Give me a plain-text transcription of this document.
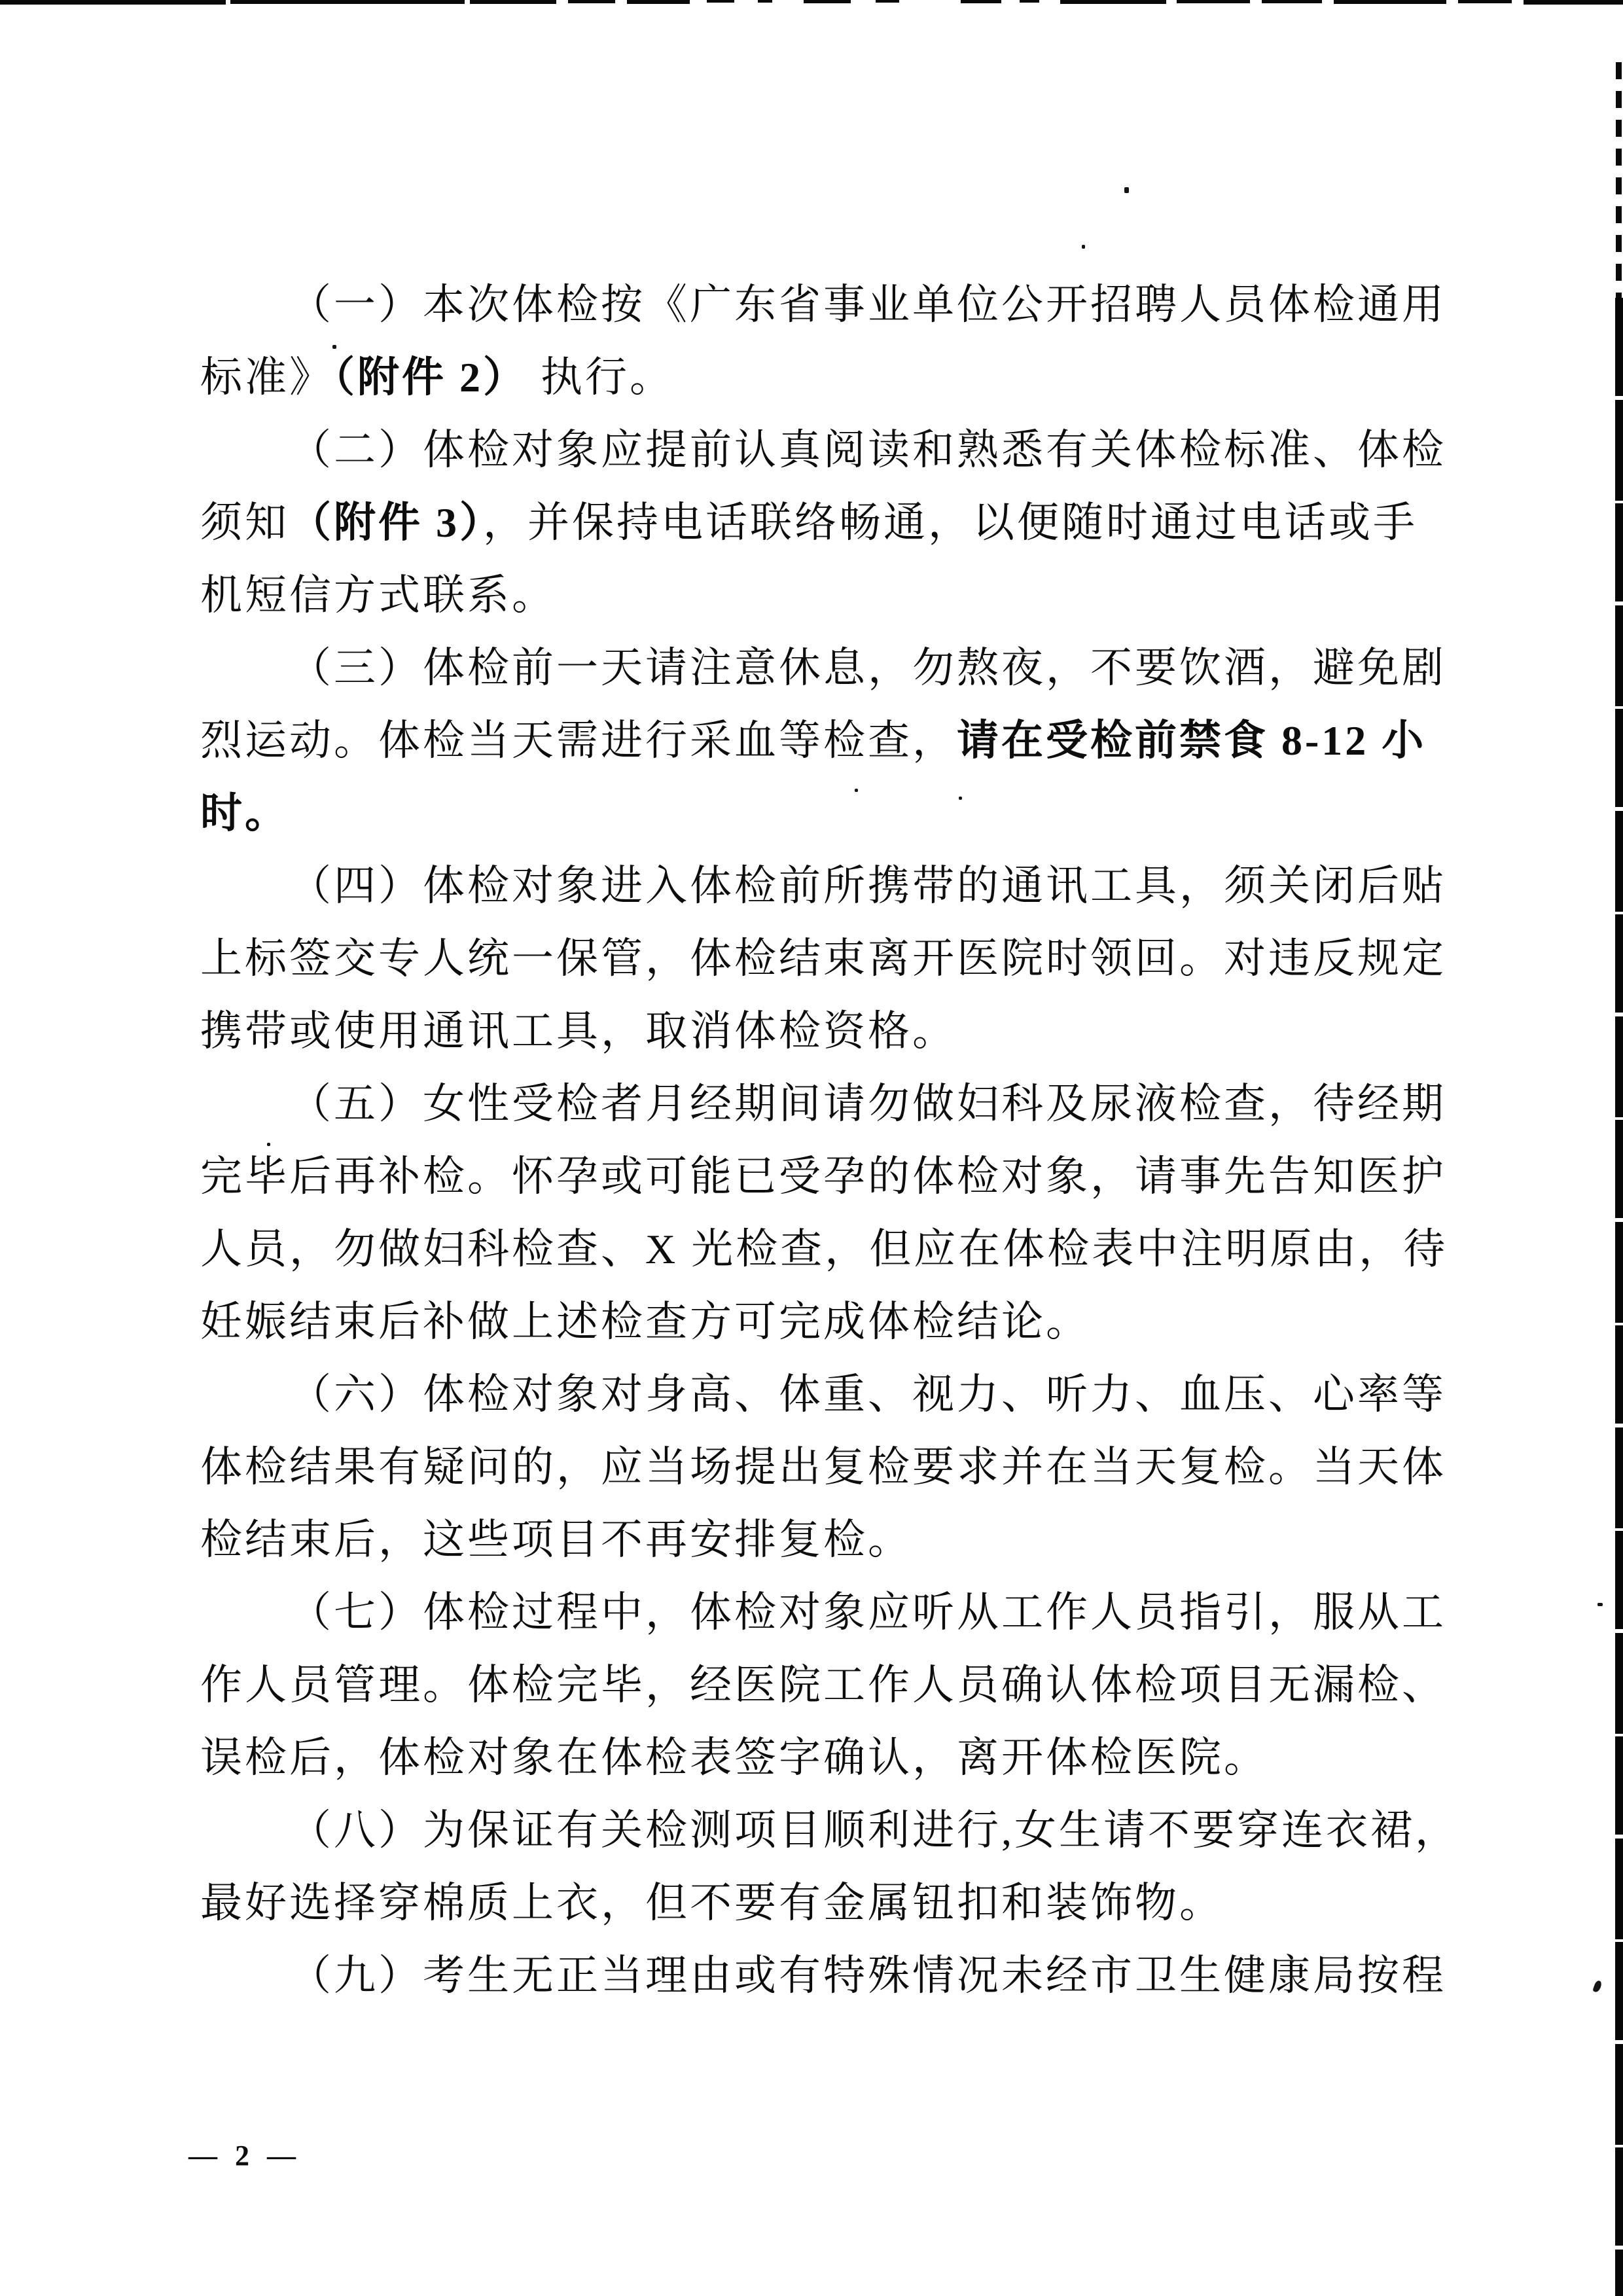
（一）本次体检按《广东省事业单位公开招聘人员体检通用
标准》（附件 2） 执行。
（二）体检对象应提前认真阅读和熟悉有关体检标准、体检
须知（附件 3），并保持电话联络畅通，以便随时通过电话或手
机短信方式联系。
（三）体检前一天请注意休息，勿熬夜，不要饮酒，避免剧
烈运动。体检当天需进行采血等检查，请在受检前禁食 8-12 小
时。
（四）体检对象进入体检前所携带的通讯工具，须关闭后贴
上标签交专人统一保管，体检结束离开医院时领回。对违反规定
携带或使用通讯工具，取消体检资格。
（五）女性受检者月经期间请勿做妇科及尿液检查，待经期
完毕后再补检。怀孕或可能已受孕的体检对象，请事先告知医护
人员，勿做妇科检查、X 光检查，但应在体检表中注明原由，待
妊娠结束后补做上述检查方可完成体检结论。
（六）体检对象对身高、体重、视力、听力、血压、心率等
体检结果有疑问的，应当场提出复检要求并在当天复检。当天体
检结束后，这些项目不再安排复检。
（七）体检过程中，体检对象应听从工作人员指引，服从工
作人员管理。体检完毕，经医院工作人员确认体检项目无漏检、
误检后，体检对象在体检表签字确认，离开体检医院。
（八）为保证有关检测项目顺利进行,女生请不要穿连衣裙，
最好选择穿棉质上衣，但不要有金属钮扣和装饰物。
（九）考生无正当理由或有特殊情况未经市卫生健康局按程
— 2 —
